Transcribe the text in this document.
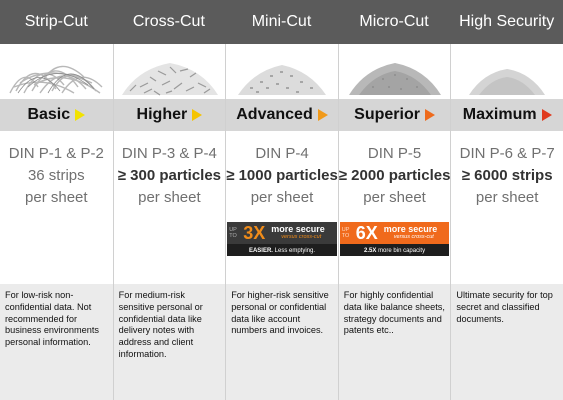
Strip-Cut
Basic
DIN P-1 & P-2
36 strips
per sheet
For low-risk non-confidential data. Not recommended for business environments personal information.
Cross-Cut
Higher
DIN P-3 & P-4
≥ 300 particles
per sheet
For medium-risk sensitive personal or confidential data like delivery notes with address and client information.
Mini-Cut
Advanced
DIN P-4
≥ 1000 particles
per sheet
UP TO 3X more secure
versus cross-cut
EASIER. Less emptying.
For higher-risk sensitive personal or confidential data like account numbers and invoices.
Micro-Cut
Superior
DIN P-5
≥ 2000 particles
per sheet
UP TO 6X more secure
versus cross-cut
2.5X more bin capacity
For highly confidential data like balance sheets, strategy documents and patents etc..
High Security
Maximum
DIN P-6 & P-7
≥ 6000 strips
per sheet
Ultimate security for top secret and classified documents.
